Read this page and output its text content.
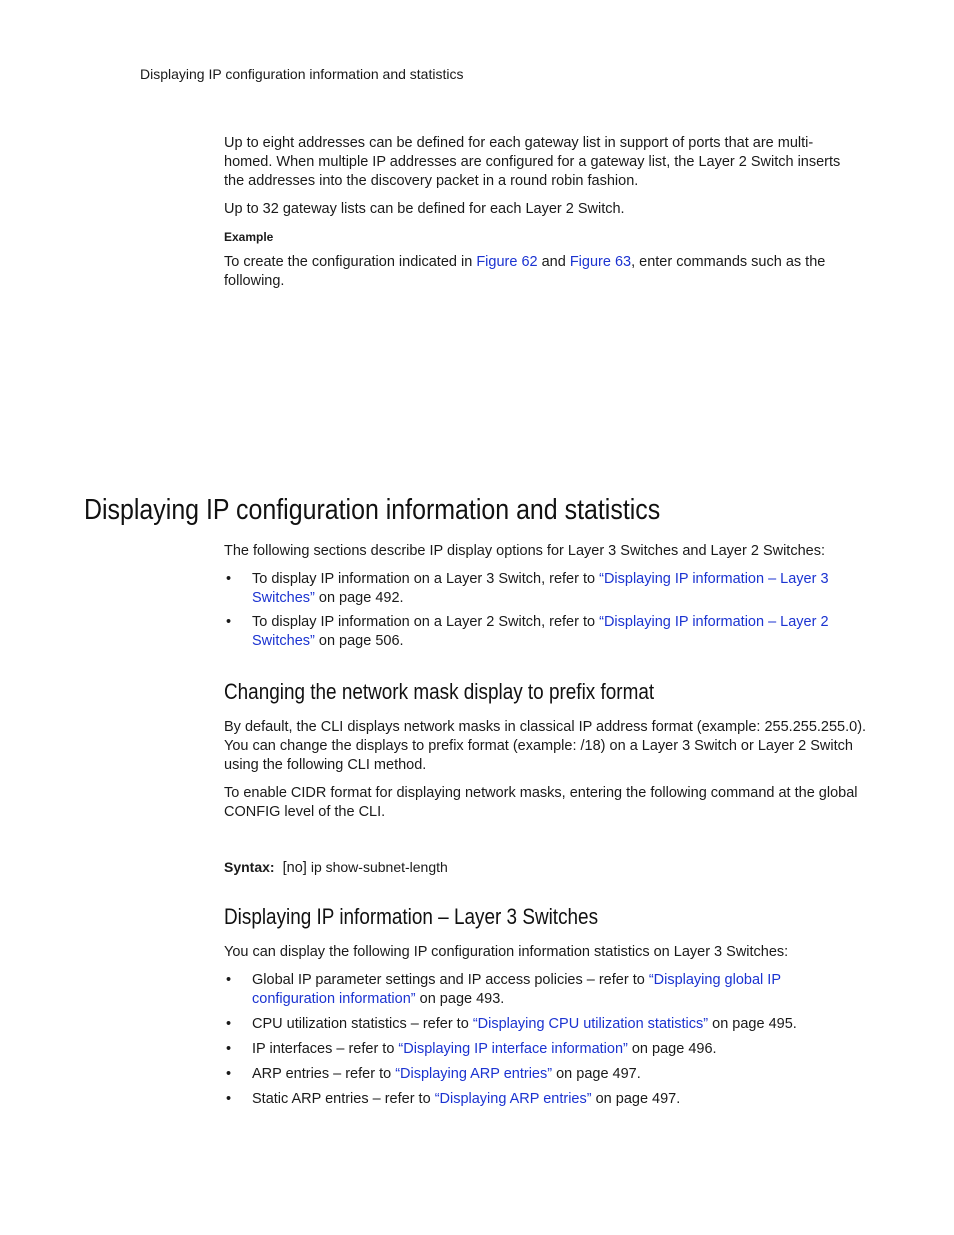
Displaying IP configuration information and statistics

Up to eight addresses can be defined for each gateway list in support of ports that are multi-homed. When multiple IP addresses are configured for a gateway list, the Layer 2 Switch inserts the addresses into the discovery packet in a round robin fashion.

Up to 32 gateway lists can be defined for each Layer 2 Switch.

Example

To create the configuration indicated in Figure 62 and Figure 63, enter commands such as the following.

Displaying IP configuration information and statistics

The following sections describe IP display options for Layer 3 Switches and Layer 2 Switches:

• To display IP information on a Layer 3 Switch, refer to “Displaying IP information – Layer 3 Switches” on page 492.
• To display IP information on a Layer 2 Switch, refer to “Displaying IP information – Layer 2 Switches” on page 506.
Changing the network mask display to prefix format

By default, the CLI displays network masks in classical IP address format (example: 255.255.255.0). You can change the displays to prefix format (example: /18) on a Layer 3 Switch or Layer 2 Switch using the following CLI method.

To enable CIDR format for displaying network masks, entering the following command at the global CONFIG level of the CLI.

Syntax: [no] ip show-subnet-length
Displaying IP information – Layer 3 Switches

You can display the following IP configuration information statistics on Layer 3 Switches:

• Global IP parameter settings and IP access policies – refer to “Displaying global IP configuration information” on page 493.
• CPU utilization statistics – refer to “Displaying CPU utilization statistics” on page 495.
• IP interfaces – refer to “Displaying IP interface information” on page 496.
• ARP entries – refer to “Displaying ARP entries” on page 497.
• Static ARP entries – refer to “Displaying ARP entries” on page 497.
